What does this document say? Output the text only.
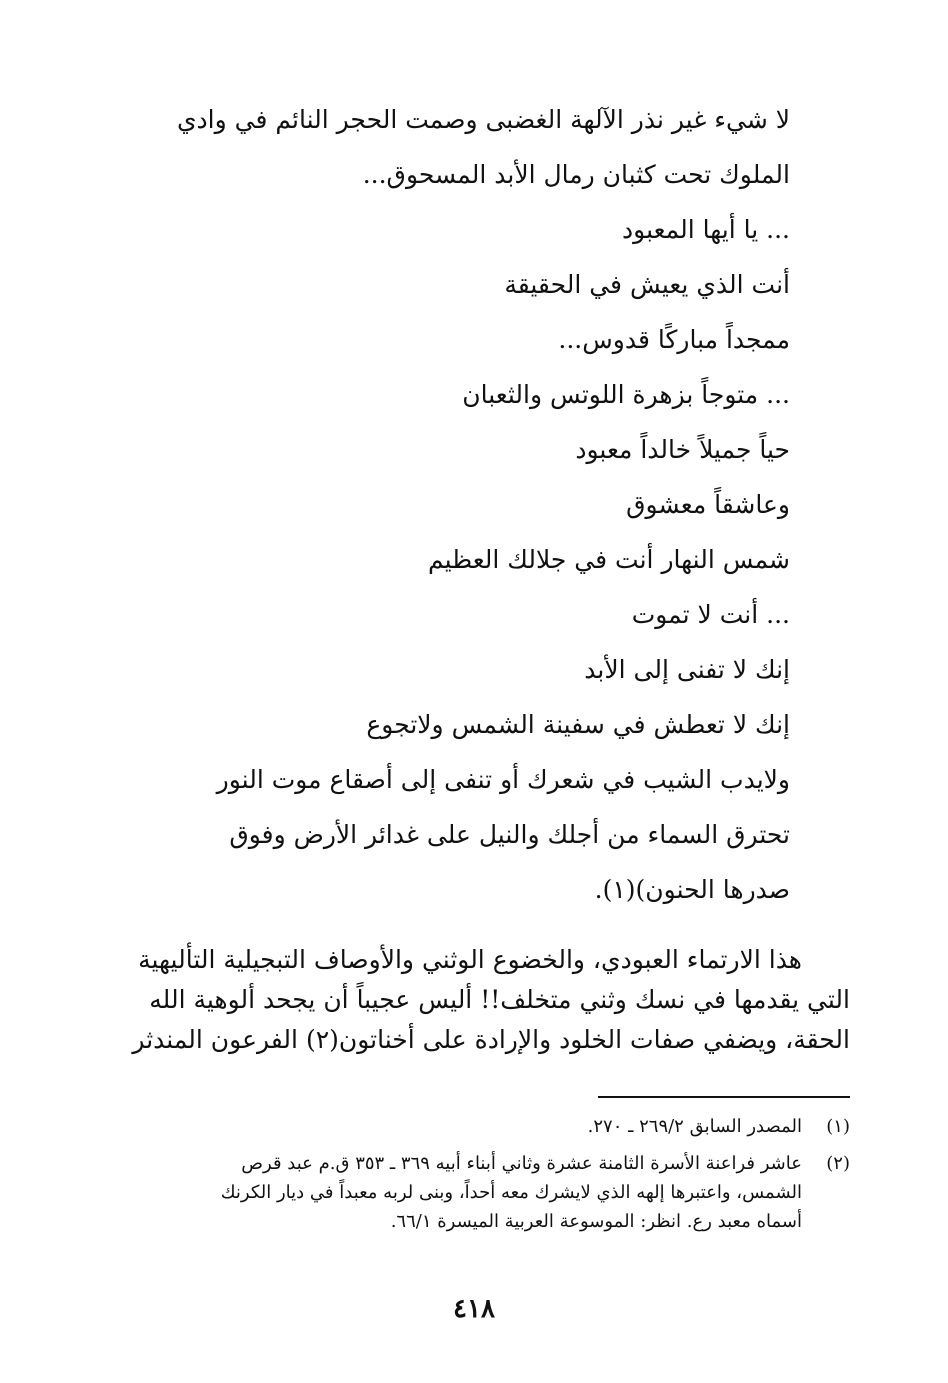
لا شيء غير نذر الآلهة الغضبى وصمت الحجر النائم في وادي
الملوك تحت كثبان رمال الأبد المسحوق...
... يا أيها المعبود
أنت الذي يعيش في الحقيقة
ممجداً مباركًا قدوس...
... متوجاً بزهرة اللوتس والثعبان
حياً جميلاً خالداً معبود
وعاشقاً معشوق
شمس النهار أنت في جلالك العظيم
... أنت لا تموت
إنك لا تفنى إلى الأبد
إنك لا تعطش في سفينة الشمس ولاتجوع
ولايدب الشيب في شعرك أو تنفى إلى أصقاع موت النور
تحترق السماء من أجلك والنيل على غدائر الأرض وفوق
صدرها الحنون)(١).
هذا الارتماء العبودي، والخضوع الوثني والأوصاف التبجيلية التأليهية
التي يقدمها في نسك وثني متخلف!! أليس عجيباً أن يجحد ألوهية الله
الحقة، ويضفي صفات الخلود والإرادة على أخناتون(٢) الفرعون المندثر
(١)
المصدر السابق ٢٦٩/٢ ـ ٢٧٠.
(٢)
عاشر فراعنة الأسرة الثامنة عشرة وثاني أبناء أبيه ٣٦٩ ـ ٣٥٣ ق.م عبد قرص
الشمس، واعتبرها إلهه الذي لايشرك معه أحداً، وبنى لربه معبداً في ديار الكرنك
أسماه معبد رع. انظر: الموسوعة العربية الميسرة ٦٦/١.
٤١٨
